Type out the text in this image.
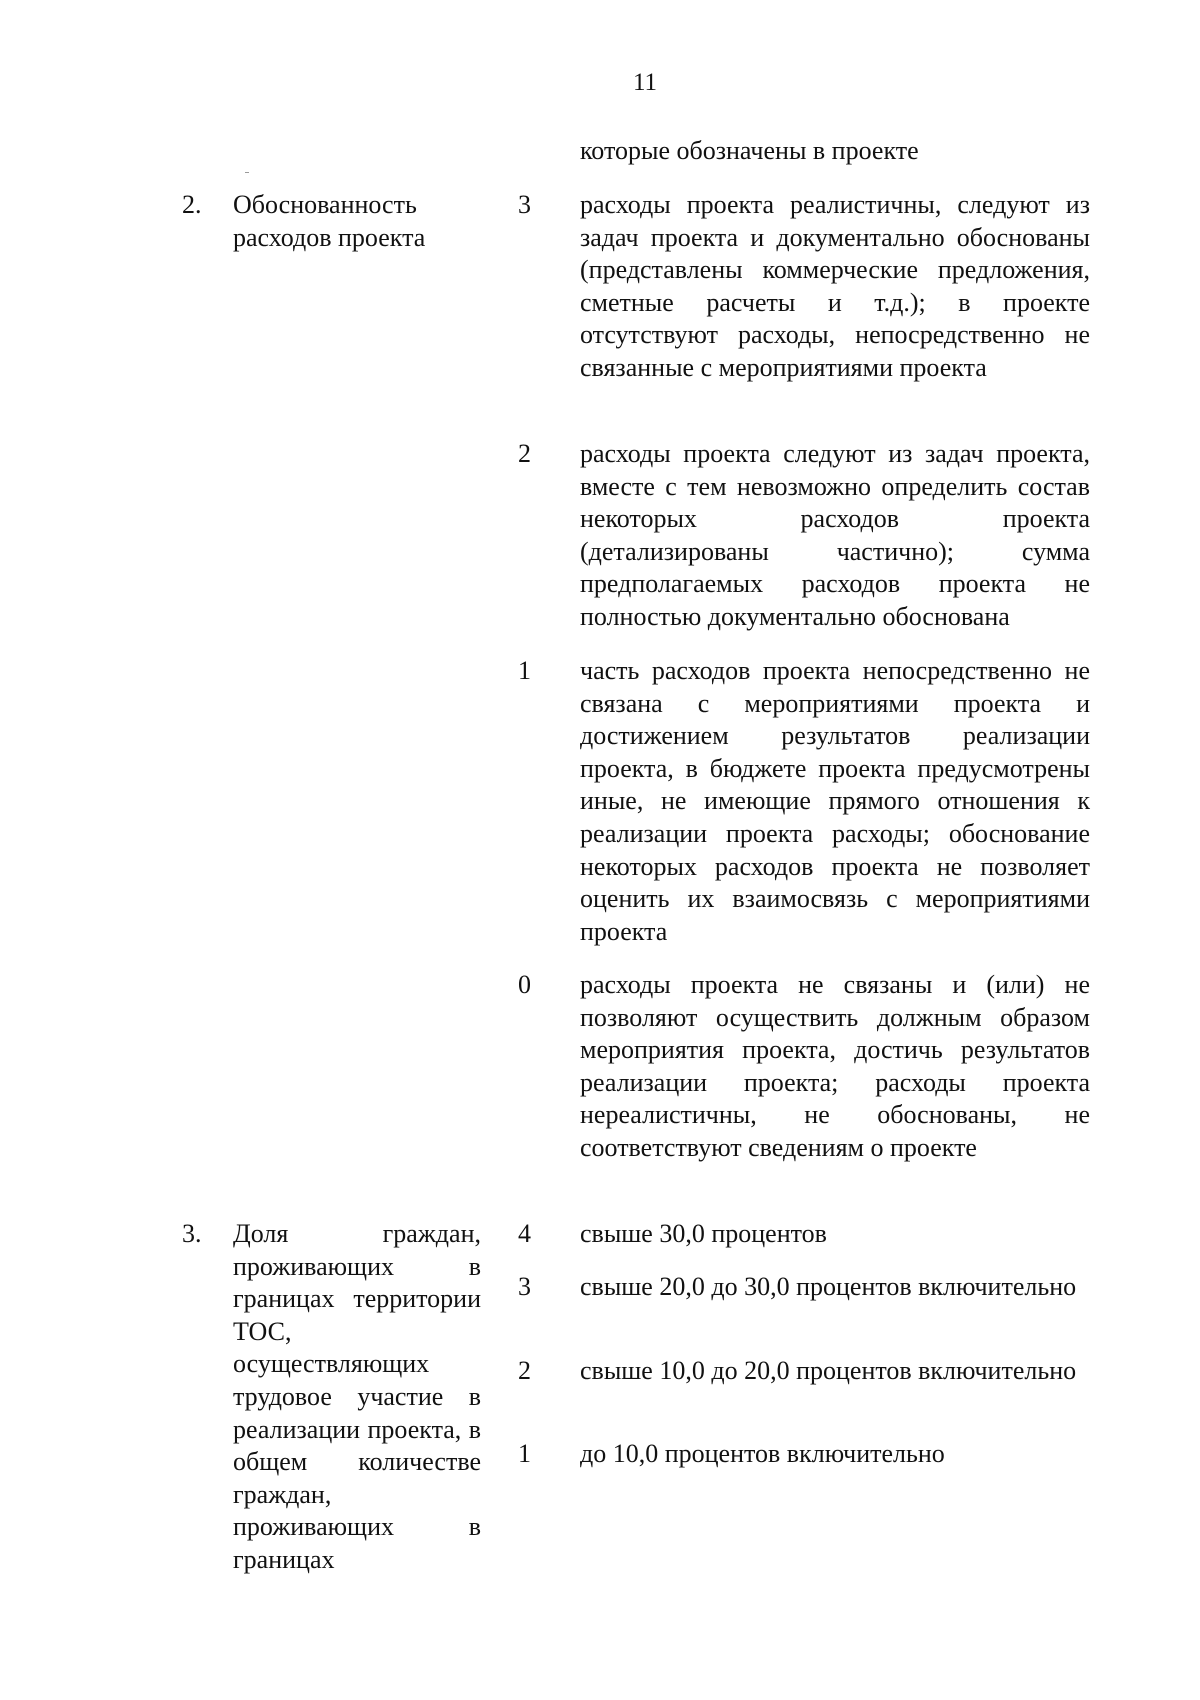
11
которые обозначены в проекте
2.	Обоснованность расходов проекта
3	расходы проекта реалистичны, следуют из задач проекта и документально обоснованы (представлены коммерческие предложения, сметные расчеты и т.д.); в проекте отсутствуют расходы, непосредственно не связанные с мероприятиями проекта
2	расходы проекта следуют из задач проекта, вместе с тем невозможно определить состав некоторых расходов проекта (детализированы частично); сумма предполагаемых расходов проекта не полностью документально обоснована
1	часть расходов проекта непосредственно не связана с мероприятиями проекта и достижением результатов реализации проекта, в бюджете проекта предусмотрены иные, не имеющие прямого отношения к реализации проекта расходы; обоснование некоторых расходов проекта не позволяет оценить их взаимосвязь с мероприятиями проекта
0	расходы проекта не связаны и (или) не позволяют осуществить должным образом мероприятия проекта, достичь результатов реализации проекта; расходы проекта нереалистичны, не обоснованы, не соответствуют сведениям о проекте
3.	Доля граждан, проживающих в границах территории ТОС, осуществляющих трудовое участие в реализации проекта, в общем количестве граждан, проживающих в границах
4	свыше 30,0 процентов
3	свыше 20,0 до 30,0 процентов включительно
2	свыше 10,0 до 20,0 процентов включительно
1	до 10,0 процентов включительно
